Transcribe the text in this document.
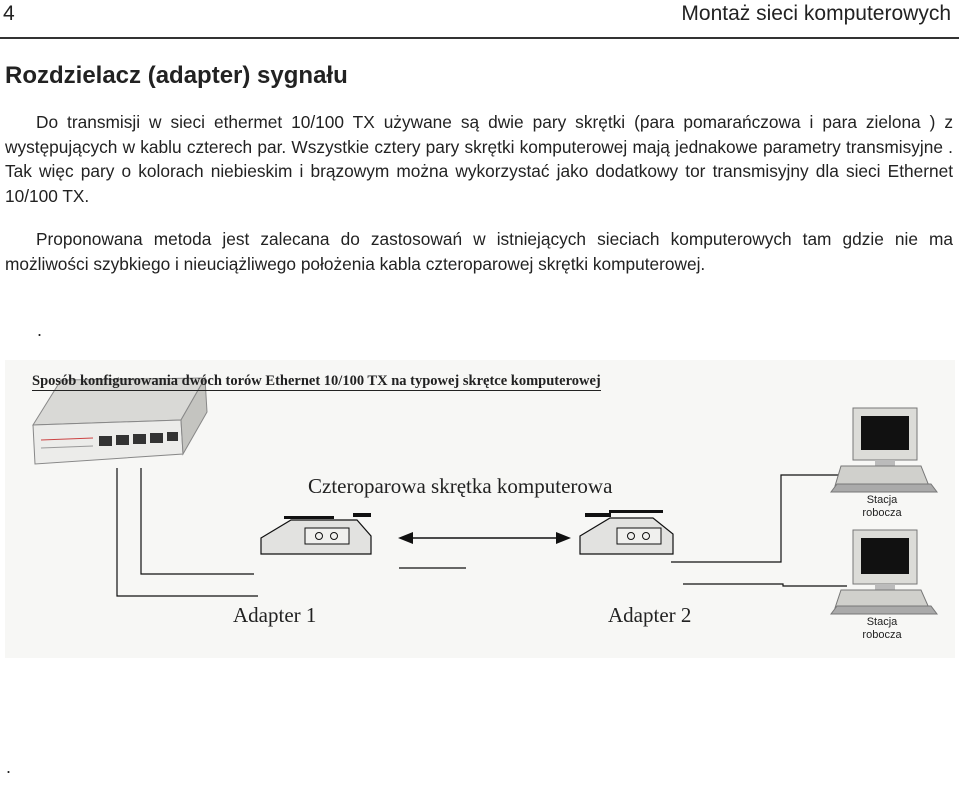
4	Montaż sieci komputerowych
Rozdzielacz (adapter) sygnału

Do transmisji w sieci ethermet 10/100 TX używane są dwie pary skrętki (para pomarańczowa i para zielona ) z występujących w kablu czterech par. Wszystkie cztery pary skrętki komputerowej mają jednakowe parametry transmisyjne . Tak więc pary o kolorach niebieskim i brązowym można wykorzystać jako dodatkowy tor transmisyjny dla sieci Ethernet 10/100 TX.

Proponowana metoda jest zalecana do zastosowań w istniejących sieciach komputerowych tam gdzie nie ma możliwości szybkiego i nieuciążliwego położenia kabla czteroparowej skrętki komputerowej.

.
Sposób konfigurowania dwóch torów Ethernet 10/100 TX na typowej skrętce komputerowej
Czteroparowa skrętka komputerowa
Adapter 1	Adapter 2
Stacja robocza
Stacja robocza
.
